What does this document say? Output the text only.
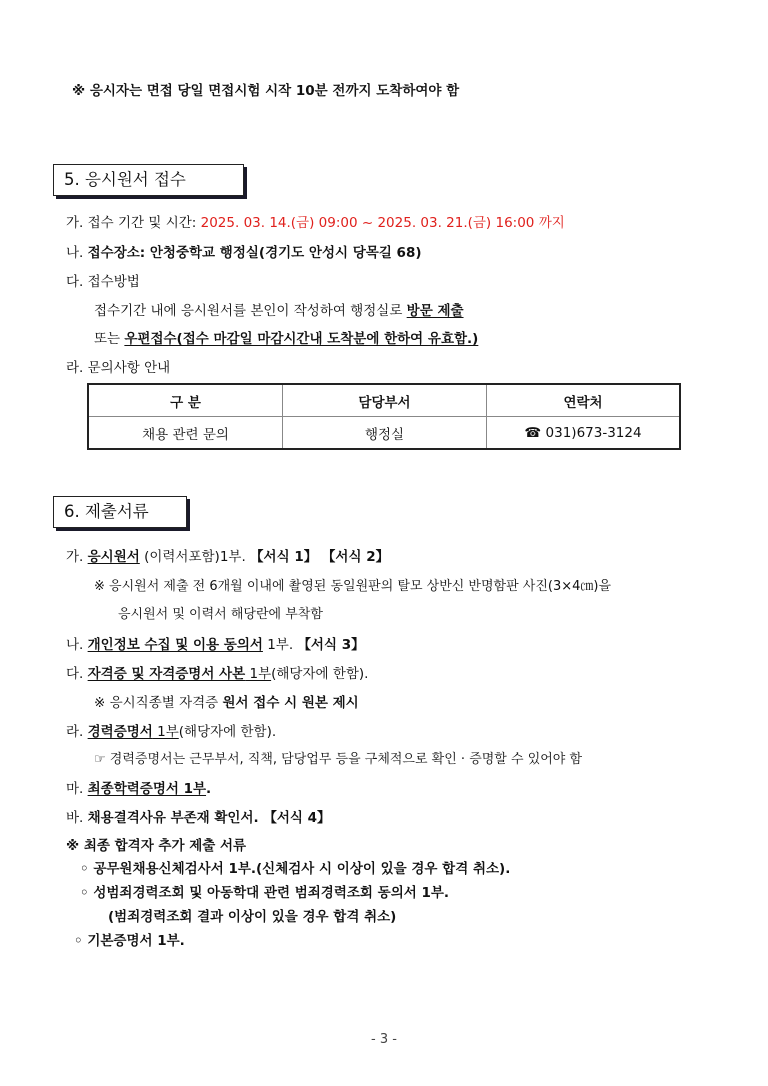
※ 응시자는 면접 당일 면접시험 시작 10분 전까지 도착하여야 함
5. 응시원서 접수
가. 접수 기간 및 시간: 2025. 03. 14.(금) 09:00 ~ 2025. 03. 21.(금) 16:00 까지
나. 접수장소: 안청중학교 행정실(경기도 안성시 당목길 68)
다. 접수방법
접수기간 내에 응시원서를 본인이 작성하여 행정실로 방문 제출
또는 우편접수(접수 마감일 마감시간내 도착분에 한하여 유효함.)
라. 문의사항 안내
구 분	담당부서	연락처
채용 관련 문의	행정실	☎ 031)673-3124
6. 제출서류
가. 응시원서 (이력서포함)1부. 【서식 1】 【서식 2】
※ 응시원서 제출 전 6개월 이내에 촬영된 동일원판의 탈모 상반신 반명함판 사진(3×4㎝)을
응시원서 및 이력서 해당란에 부착함
나. 개인정보 수집 및 이용 동의서 1부. 【서식 3】
다. 자격증 및 자격증명서 사본 1부(해당자에 한함).
※ 응시직종별 자격증 원서 접수 시 원본 제시
라. 경력증명서 1부(해당자에 한함).
☞ 경력증명서는 근무부서, 직책, 담당업무 등을 구체적으로 확인 · 증명할 수 있어야 함
마. 최종학력증명서 1부.
바. 채용결격사유 부존재 확인서. 【서식 4】
※ 최종 합격자 추가 제출 서류
◦ 공무원채용신체검사서 1부.(신체검사 시 이상이 있을 경우 합격 취소).
◦ 성범죄경력조회 및 아동학대 관련 범죄경력조회 동의서 1부.
(범죄경력조회 결과 이상이 있을 경우 합격 취소)
◦ 기본증명서 1부.
- 3 -
